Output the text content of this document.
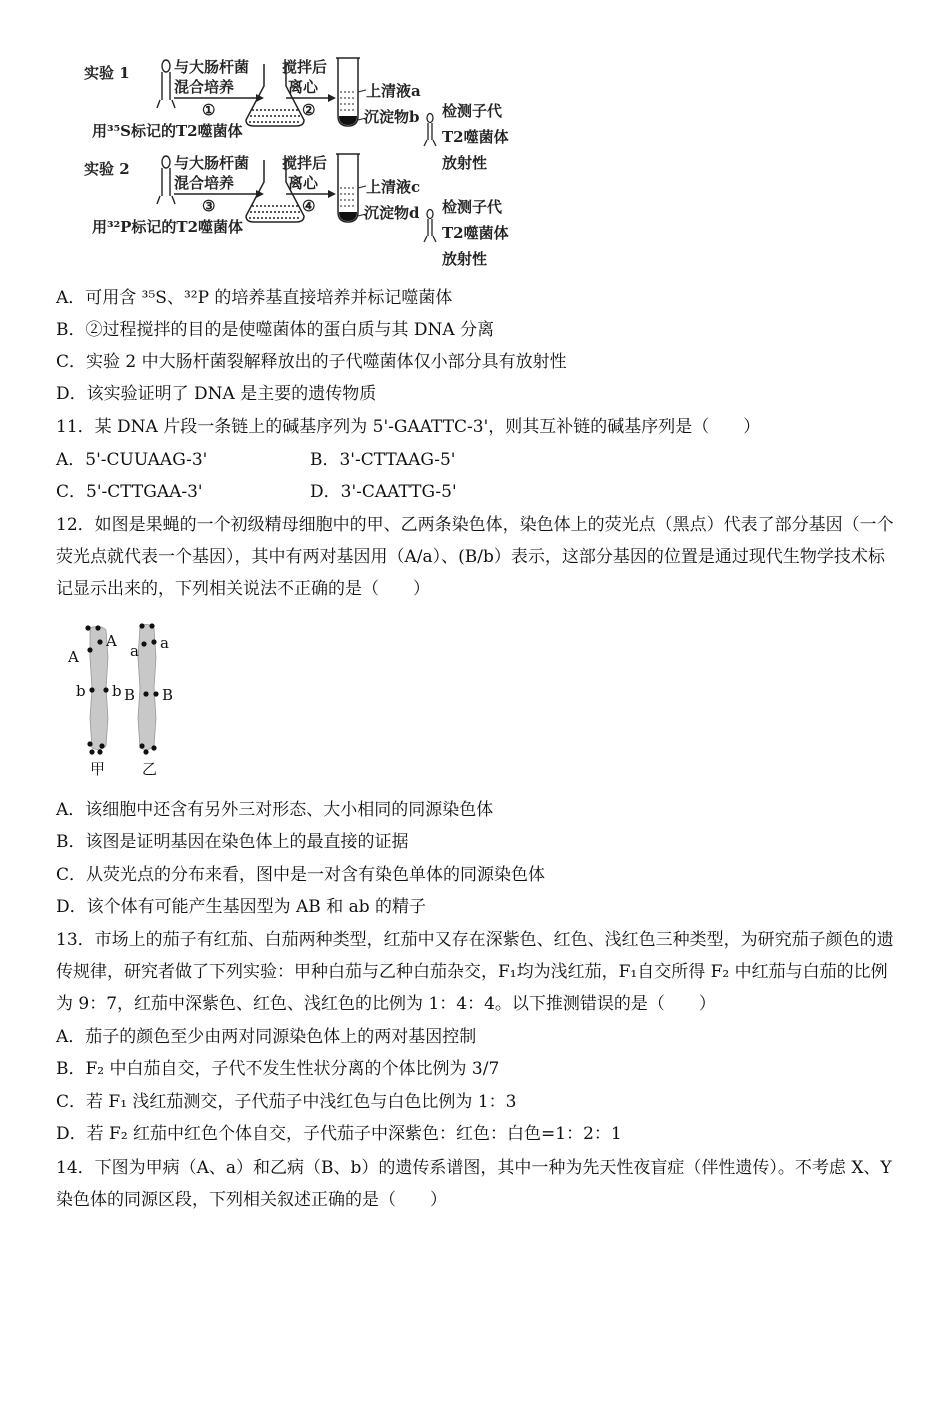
实验 1	与大肠杆菌
混合培养
①
搅拌后
离心
②
上清液a
沉淀物b
用³⁵S标记的T2噬菌体
检测子代
T2噬菌体
放射性
实验 2	与大肠杆菌
混合培养
③
搅拌后
离心
④
上清液c
沉淀物d
用³²P标记的T2噬菌体
检测子代
T2噬菌体
放射性
A．可用含 ³⁵S、³²P 的培养基直接培养并标记噬菌体
B．②过程搅拌的目的是使噬菌体的蛋白质与其 DNA 分离
C．实验 2 中大肠杆菌裂解释放出的子代噬菌体仅小部分具有放射性
D．该实验证明了 DNA 是主要的遗传物质
11．某 DNA 片段一条链上的碱基序列为 5'-GAATTC-3'，则其互补链的碱基序列是（　　）
A．5'-CUUAAG-3'	B．3'-CTTAAG-5'
C．5'-CTTGAA-3'	D．3'-CAATTG-5'
12．如图是果蝇的一个初级精母细胞中的甲、乙两条染色体，染色体上的荧光点（黑点）代表了部分基因（一个荧光点就代表一个基因），其中有两对基因用（A/a）、(B/b）表示，这部分基因的位置是通过现代生物学技术标记显示出来的，下列相关说法不正确的是（　　）
A
A
a a
b b B B
甲 乙
A．该细胞中还含有另外三对形态、大小相同的同源染色体
B．该图是证明基因在染色体上的最直接的证据
C．从荧光点的分布来看，图中是一对含有染色单体的同源染色体
D．该个体有可能产生基因型为 AB 和 ab 的精子
13．市场上的茄子有红茄、白茄两种类型，红茄中又存在深紫色、红色、浅红色三种类型，为研究茄子颜色的遗传规律，研究者做了下列实验：甲种白茄与乙种白茄杂交，F₁均为浅红茄，F₁自交所得 F₂ 中红茄与白茄的比例为 9：7，红茄中深紫色、红色、浅红色的比例为 1：4：4。以下推测错误的是（　　）
A．茄子的颜色至少由两对同源染色体上的两对基因控制
B．F₂ 中白茄自交，子代不发生性状分离的个体比例为 3/7
C．若 F₁ 浅红茄测交，子代茄子中浅红色与白色比例为 1：3
D．若 F₂ 红茄中红色个体自交，子代茄子中深紫色：红色：白色=1：2：1
14．下图为甲病（A、a）和乙病（B、b）的遗传系谱图，其中一种为先天性夜盲症（伴性遗传）。不考虑 X、Y 染色体的同源区段，下列相关叙述正确的是（　　）
